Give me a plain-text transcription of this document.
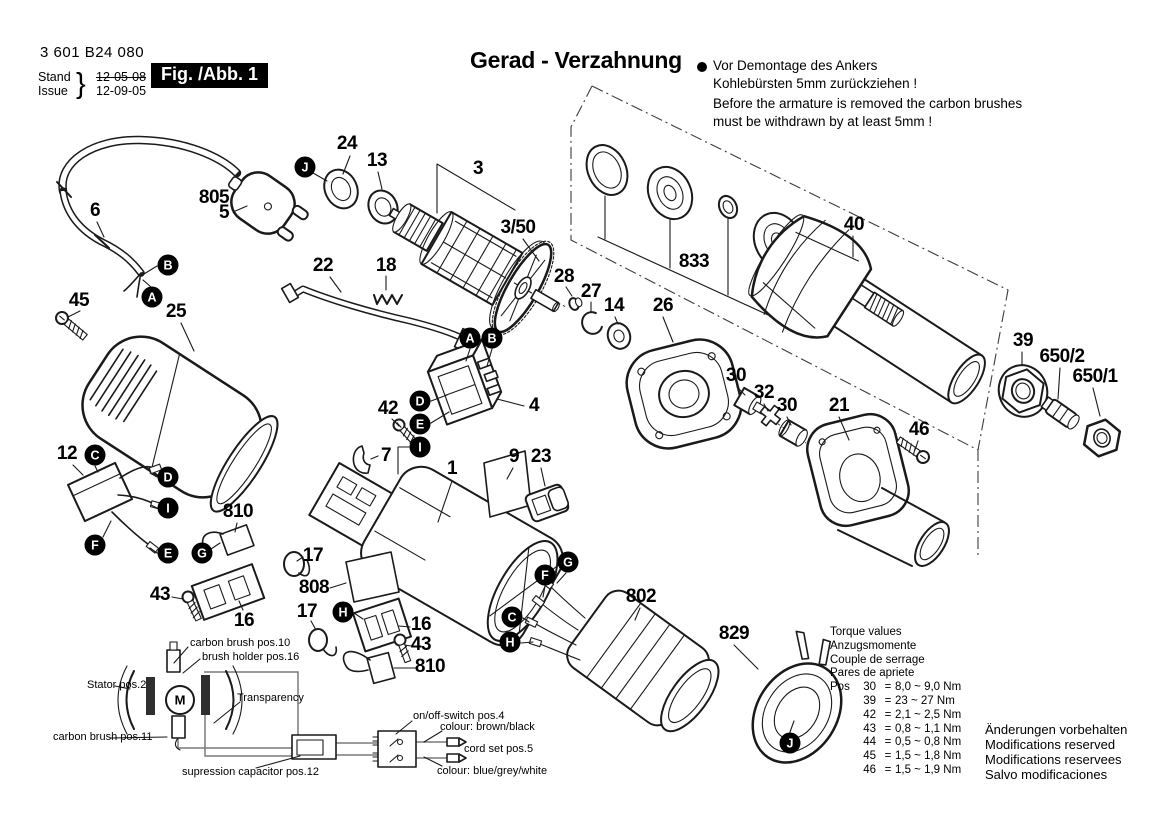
3 601 B24 080
Stand
Issue } 12-05-08
12-09-05
Fig. /Abb. 1
Gerad - Verzahnung Vor Demontage des Ankers
Kohlebürsten 5mm zurückziehen !
Before the armature is removed the carbon brushes
must be withdrawn by at least 5mm !
6
805
5
24
13	3
3/50
22 18
45
25
28
27
14 26
833
40
39
650/2
650/1
30
32
30 21
46
4
42
7
1
9 23
12
810
17
43
16
808
17
16
43
810
802
829
J
B
A
A	B
D
E
I
C
D
I
F
E	G
H
G
F
C
H
J
carbon brush pos.10
brush holder pos.16
Stator pos.2
Transparency
carbon brush pos.11
supression capacitor pos.12
on/off-switch pos.4
colour: brown/black
cord set pos.5
colour: blue/grey/white
M
Torque values
Anzugsmomente
Couple de serrage
Pares de apriete
Pos	30 = 8,0 ~ 9,0 Nm
39 = 23 ~ 27 Nm
42 = 2,1 ~ 2,5 Nm
43 = 0,8 ~ 1,1 Nm
44 = 0,5 ~ 0,8 Nm
45 = 1,5 ~ 1,8 Nm
46 = 1,5 ~ 1,9 Nm
Änderungen vorbehalten
Modifications reserved
Modifications reservees
Salvo modificaciones
